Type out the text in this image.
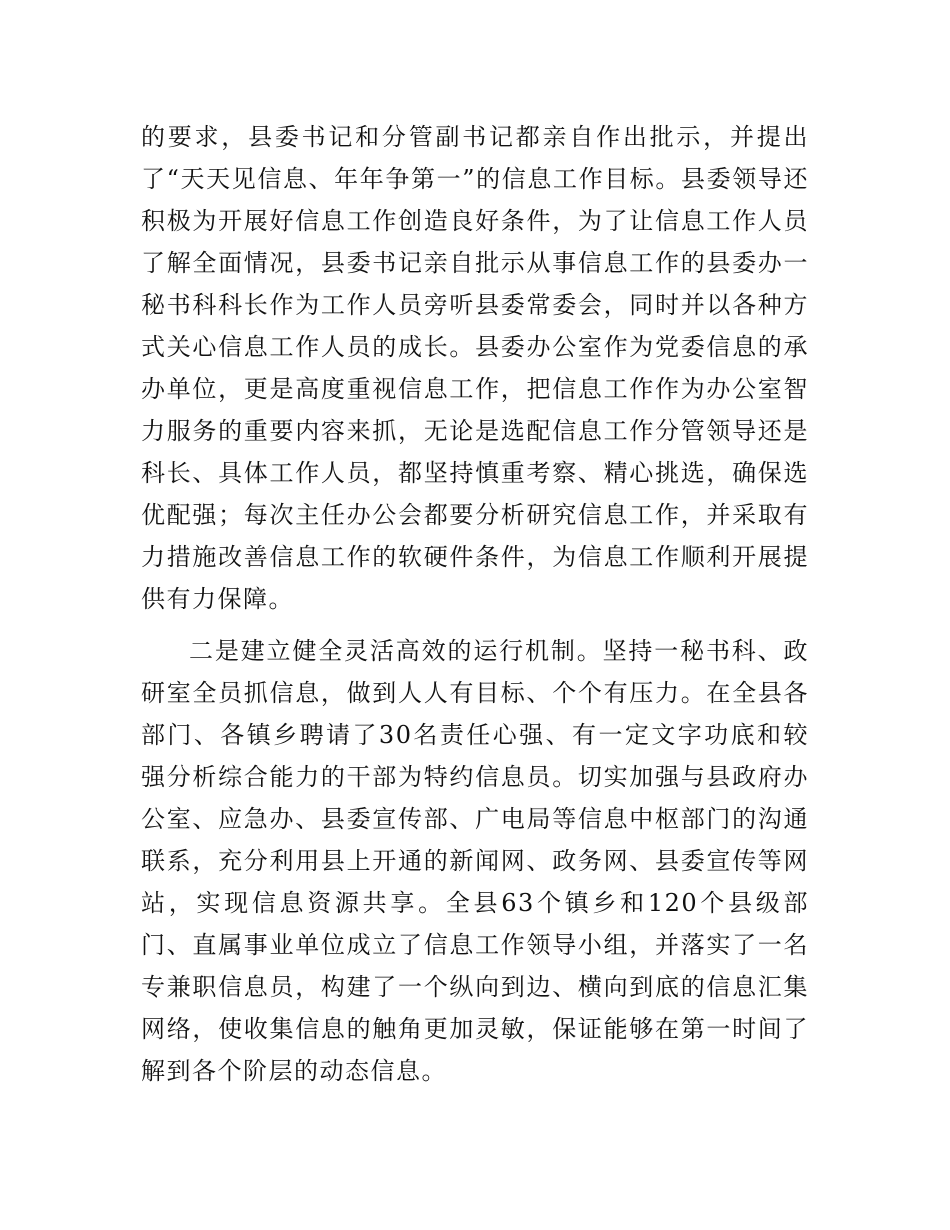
的要求，县委书记和分管副书记都亲自作出批示，并提出了“天天见信息、年年争第一”的信息工作目标。县委领导还积极为开展好信息工作创造良好条件，为了让信息工作人员了解全面情况，县委书记亲自批示从事信息工作的县委办一秘书科科长作为工作人员旁听县委常委会，同时并以各种方式关心信息工作人员的成长。县委办公室作为党委信息的承办单位，更是高度重视信息工作，把信息工作作为办公室智力服务的重要内容来抓，无论是选配信息工作分管领导还是科长、具体工作人员，都坚持慎重考察、精心挑选，确保选优配强；每次主任办公会都要分析研究信息工作，并采取有力措施改善信息工作的软硬件条件，为信息工作顺利开展提供有力保障。

二是建立健全灵活高效的运行机制。坚持一秘书科、政研室全员抓信息，做到人人有目标、个个有压力。在全县各部门、各镇乡聘请了30名责任心强、有一定文字功底和较强分析综合能力的干部为特约信息员。切实加强与县政府办公室、应急办、县委宣传部、广电局等信息中枢部门的沟通联系，充分利用县上开通的新闻网、政务网、县委宣传等网站，实现信息资源共享。全县63个镇乡和120个县级部门、直属事业单位成立了信息工作领导小组，并落实了一名专兼职信息员，构建了一个纵向到边、横向到底的信息汇集网络，使收集信息的触角更加灵敏，保证能够在第一时间了解到各个阶层的动态信息。
